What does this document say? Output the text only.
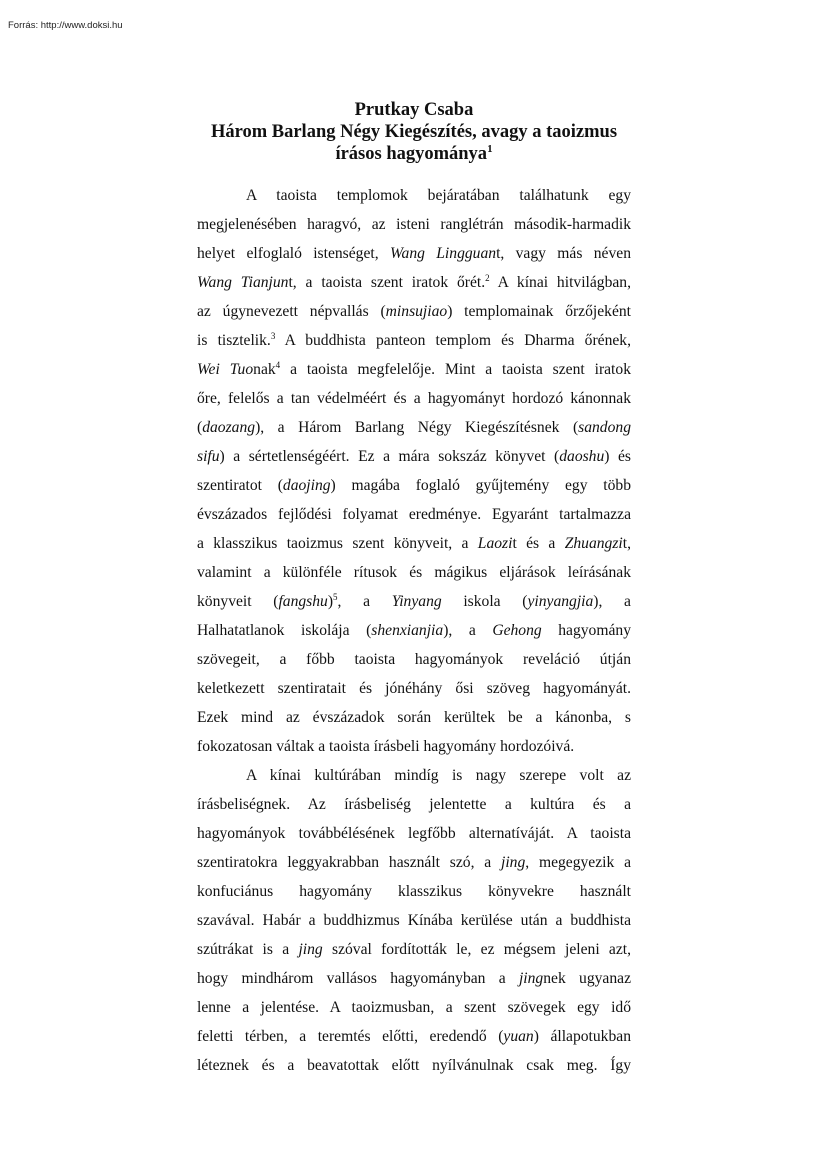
Forrás: http://www.doksi.hu
Prutkay Csaba
Három Barlang Négy Kiegészítés, avagy a taoizmus
írásos hagyománya$^1$
A taoista templomok bejáratában találhatunk egy
megjelenésében haragvó, az isteni ranglétrán második-harmadik
helyet elfoglaló istenséget, Wang Lingguant, vagy más néven
Wang Tianjunt, a taoista szent iratok őrét.$^2$ A kínai hitvilágban,
az úgynevezett népvallás (minsujiao) templomainak őrzőjeként
is tisztelik.$^3$ A buddhista panteon templom és Dharma őrének,
Wei Tuonak$^4$ a taoista megfelelője. Mint a taoista szent iratok
őre, felelős a tan védelméért és a hagyományt hordozó kánonnak
(daozang), a Három Barlang Négy Kiegészítésnek (sandong
sifu) a sértetlenségéért. Ez a mára sokszáz könyvet (daoshu) és
szentiratot (daojing) magába foglaló gyűjtemény egy több
évszázados fejlődési folyamat eredménye. Egyaránt tartalmazza
a klasszikus taoizmus szent könyveit, a Laozit és a Zhuangzit,
valamint a különféle rítusok és mágikus eljárások leírásának
könyveit (fangshu)$^5$, a Yinyang iskola (yinyangjia), a
Halhatatlanok iskolája (shenxianjia), a Gehong hagyomány
szövegeit, a főbb taoista hagyományok reveláció útján
keletkezett szentiratait és jónéhány ősi szöveg hagyományát.
Ezek mind az évszázadok során kerültek be a kánonba, s
fokozatosan váltak a taoista írásbeli hagyomány hordozóivá.
A kínai kultúrában mindíg is nagy szerepe volt az
írásbeliségnek. Az írásbeliség jelentette a kultúra és a
hagyományok továbbélésének legfőbb alternatíváját. A taoista
szentiratokra leggyakrabban használt szó, a jing, megegyezik a
konfuciánus hagyomány klasszikus könyvekre használt
szavával. Habár a buddhizmus Kínába kerülése után a buddhista
szútrákat is a jing szóval fordították le, ez mégsem jeleni azt,
hogy mindhárom vallásos hagyományban a jingnek ugyanaz
lenne a jelentése. A taoizmusban, a szent szövegek egy idő
feletti térben, a teremtés előtti, eredendő (yuan) állapotukban
léteznek és a beavatottak előtt nyílvánulnak csak meg. Így
